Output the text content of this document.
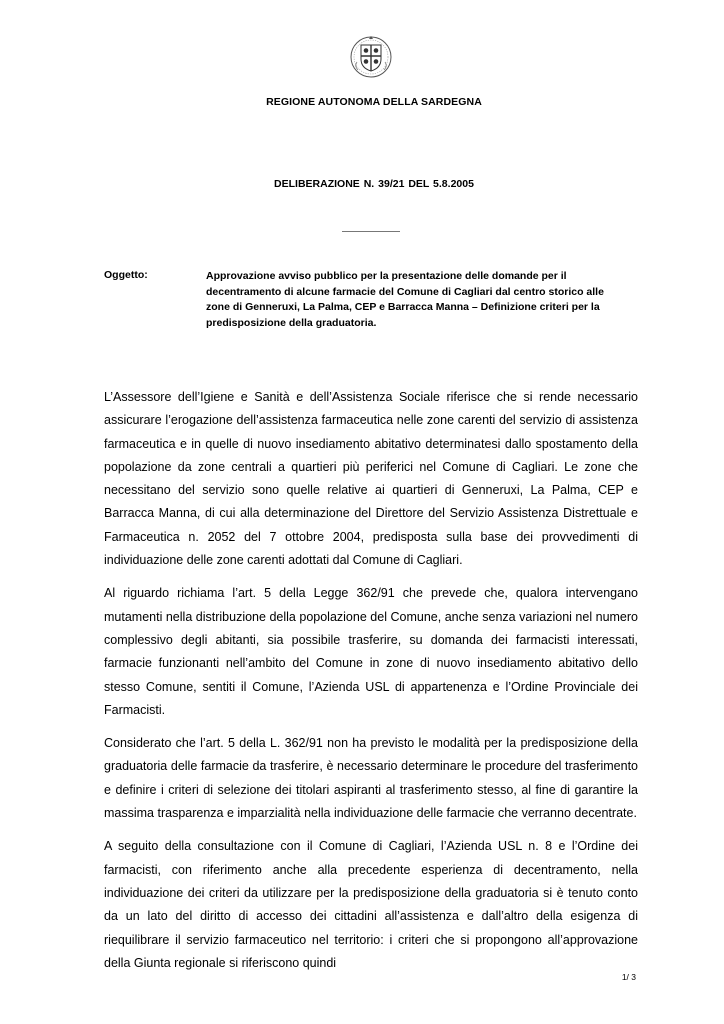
REGIONE AUTONOMA DELLA SARDEGNA
DELIBERAZIONE N. 39/21 DEL 5.8.2005
Oggetto:	Approvazione avviso pubblico per la presentazione delle domande per il decentramento di alcune farmacie del Comune di Cagliari dal centro storico alle zone di Genneruxi, La Palma, CEP e Barracca Manna – Definizione criteri per la predisposizione della graduatoria.

L’Assessore dell’Igiene e Sanità e dell’Assistenza Sociale riferisce che si rende necessario assicurare l’erogazione dell’assistenza farmaceutica nelle zone carenti del servizio di assistenza farmaceutica e in quelle di nuovo insediamento abitativo determinatesi dallo spostamento della popolazione da zone centrali a quartieri più periferici nel Comune di Cagliari. Le zone che necessitano del servizio sono quelle relative ai quartieri di Genneruxi, La Palma, CEP e Barracca Manna, di cui alla determinazione del Direttore del Servizio Assistenza Distrettuale e Farmaceutica n. 2052 del 7 ottobre 2004, predisposta sulla base dei provvedimenti di individuazione delle zone carenti adottati dal Comune di Cagliari.

Al riguardo richiama l’art. 5 della Legge 362/91 che prevede che, qualora intervengano mutamenti nella distribuzione della popolazione del Comune, anche senza variazioni nel numero complessivo degli abitanti, sia possibile trasferire, su domanda dei farmacisti interessati, farmacie funzionanti nell’ambito del Comune in zone di nuovo insediamento abitativo dello stesso Comune, sentiti il Comune, l’Azienda USL di appartenenza e l’Ordine Provinciale dei Farmacisti.

Considerato che l’art. 5 della L. 362/91 non ha previsto le modalità per la predisposizione della graduatoria delle farmacie da trasferire, è necessario determinare le procedure del trasferimento e definire i criteri di selezione dei titolari aspiranti al trasferimento stesso, al fine di garantire la massima trasparenza e imparzialità nella individuazione delle farmacie che verranno decentrate.

A seguito della consultazione con il Comune di Cagliari, l’Azienda USL n. 8 e l’Ordine dei farmacisti, con riferimento anche alla precedente esperienza di decentramento, nella individuazione dei criteri da utilizzare per la predisposizione della graduatoria si è tenuto conto da un lato del diritto di accesso dei cittadini all’assistenza e dall’altro della esigenza di riequilibrare il servizio farmaceutico nel territorio: i criteri che si propongono all’approvazione della Giunta regionale si riferiscono quindi

1/ 3
